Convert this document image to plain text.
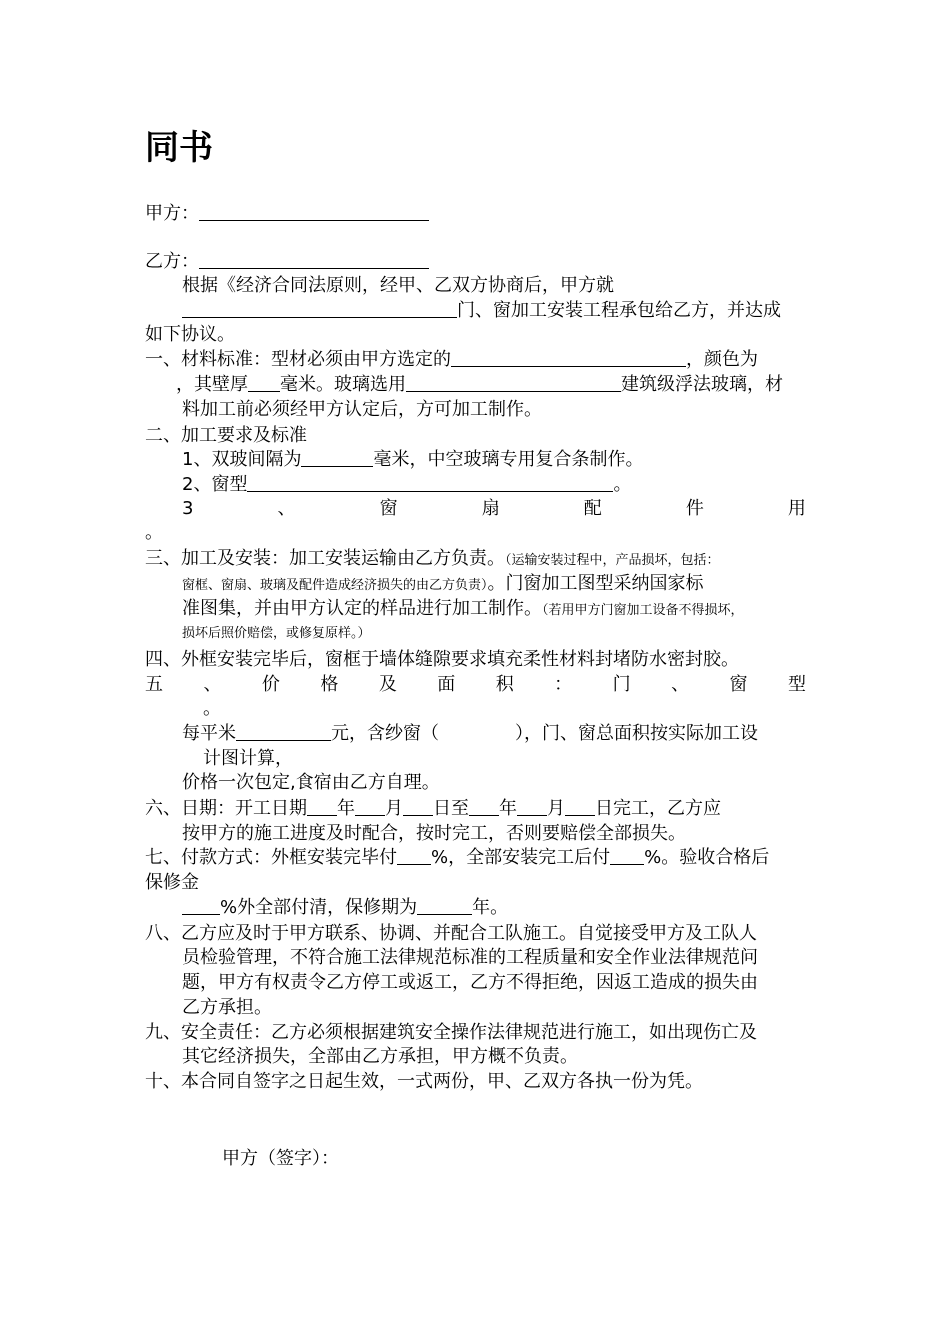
同书
甲方：
乙方：
根据《经济合同法原则，经甲、乙双方协商后，甲方就
门、窗加工安装工程承包给乙方，并达成
如下协议。
一、材料标准：型材必须由甲方选定的	，颜色为
，其壁厚 毫米。玻璃选用	建筑级浮法玻璃，材
料加工前必须经甲方认定后，方可加工制作。
二、加工要求及标准
1、双玻间隔为	毫米，中空玻璃专用复合条制作。
2、窗型	。
3	、	窗	扇	配	件	用
。
三、加工及安装：加工安装运输由乙方负责。（运输安装过程中，产品损坏，包括：
窗框、窗扇、玻璃及配件造成经济损失的由乙方负责）。门窗加工图型采纳国家标
准图集，并由甲方认定的样品进行加工制作。（若用甲方门窗加工设备不得损坏，
损坏后照价赔偿，或修复原样。）
四、外框安装完毕后，窗框于墙体缝隙要求填充柔性材料封堵防水密封胶。
五 、 价 格 及 面 积 ： 门 、 窗 型
。
每平米	元，含纱窗（	），门、窗总面积按实际加工设
计图计算，
价格一次包定,食宿由乙方自理。
六、日期：开工日期 年 月 日至 年 月 日完工，乙方应
按甲方的施工进度及时配合，按时完工，否则要赔偿全部损失。
七、付款方式：外框安装完毕付 %，全部安装完工后付 %。验收合格后
保修金
%外全部付清，保修期为	年。
八、乙方应及时于甲方联系、协调、并配合工队施工。自觉接受甲方及工队人
员检验管理，不符合施工法律规范标准的工程质量和安全作业法律规范问
题，甲方有权责令乙方停工或返工，乙方不得拒绝，因返工造成的损失由
乙方承担。
九、安全责任：乙方必须根据建筑安全操作法律规范进行施工，如出现伤亡及
其它经济损失，全部由乙方承担，甲方概不负责。
十、本合同自签字之日起生效，一式两份，甲、乙双方各执一份为凭。
甲方（签字）：
